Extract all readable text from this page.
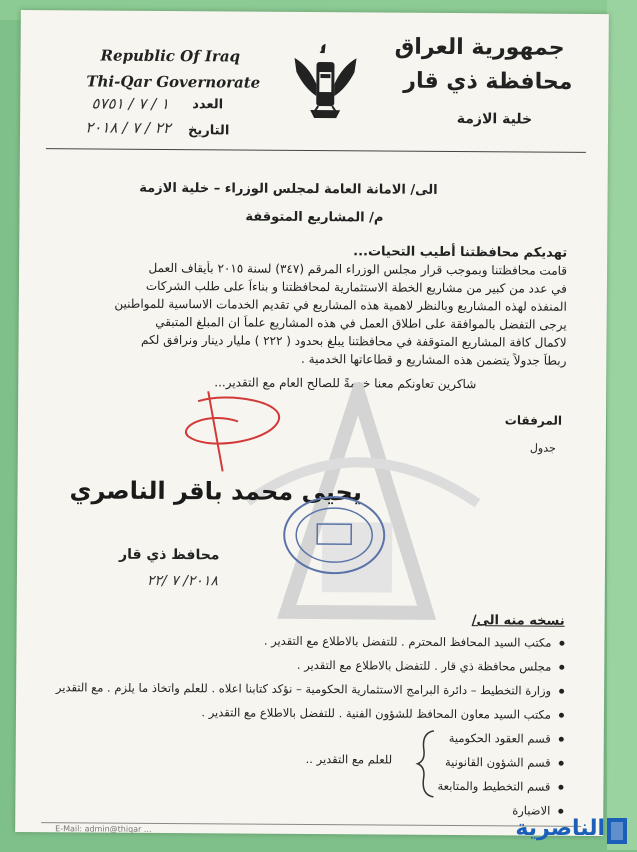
Republic Of Iraq
Thi-Qar Governorate
العدد
١ / ٧ / ٥٧٥١
التاريخ
٢٢ / ٧ / ٢٠١٨
جمهورية العراق
محافظة ذي قار
خلية الازمة
الى/ الامانة العامة لمجلس الوزراء – خلية الازمة
م/ المشاريع المتوقفة
تهديكم محافظتنا أطيب التحيات...
قامت محافظتنا وبموجب قرار مجلس الوزراء المرقم (٣٤٧) لسنة ٢٠١٥ بأيقاف العمل
في عدد من كبير من مشاريع الخطة الاستثمارية لمحافظتنا و بناءاً على طلب الشركات
المنفذه لهذه المشاريع وبالنظر لاهمية هذه المشاريع في تقديم الخدمات الاساسية للمواطنين
يرجى التفضل بالموافقة على اطلاق العمل في هذه المشاريع علماً ان المبلغ المتبقي
لاكمال كافة المشاريع المتوقفة في محافظتنا يبلغ بحدود ( ٢٢٢ ) مليار دينار ونرافق لكم
ربطاً جدولاً يتضمن هذه المشاريع و قطاعاتها الخدمية .
شاكرين تعاونكم معنا خدمةً للصالح العام مع التقدير...
المرفقات
جدول
يحيى محمد باقر الناصري
محافظ ذي قار
٢٠١٨/ ٧ /٢٢
نسخه منه الى/
مكتب السيد المحافظ المحترم . للتفضل بالاطلاع مع التقدير .
مجلس محافظة ذي قار . للتفضل بالاطلاع مع التقدير .
وزارة التخطيط – دائرة البرامج الاستثمارية الحكومية – نؤكد كتابنا اعلاه . للعلم واتخاذ ما يلزم . مع التقدير
مكتب السيد معاون المحافظ للشؤون الفنية . للتفضل بالاطلاع مع التقدير .
قسم العقود الحكومية
قسم الشؤون القانونية
قسم التخطيط والمتابعة
الاضبارة
للعلم مع التقدير ..
E-Mail: admin@thiqar ...	الناصرية
